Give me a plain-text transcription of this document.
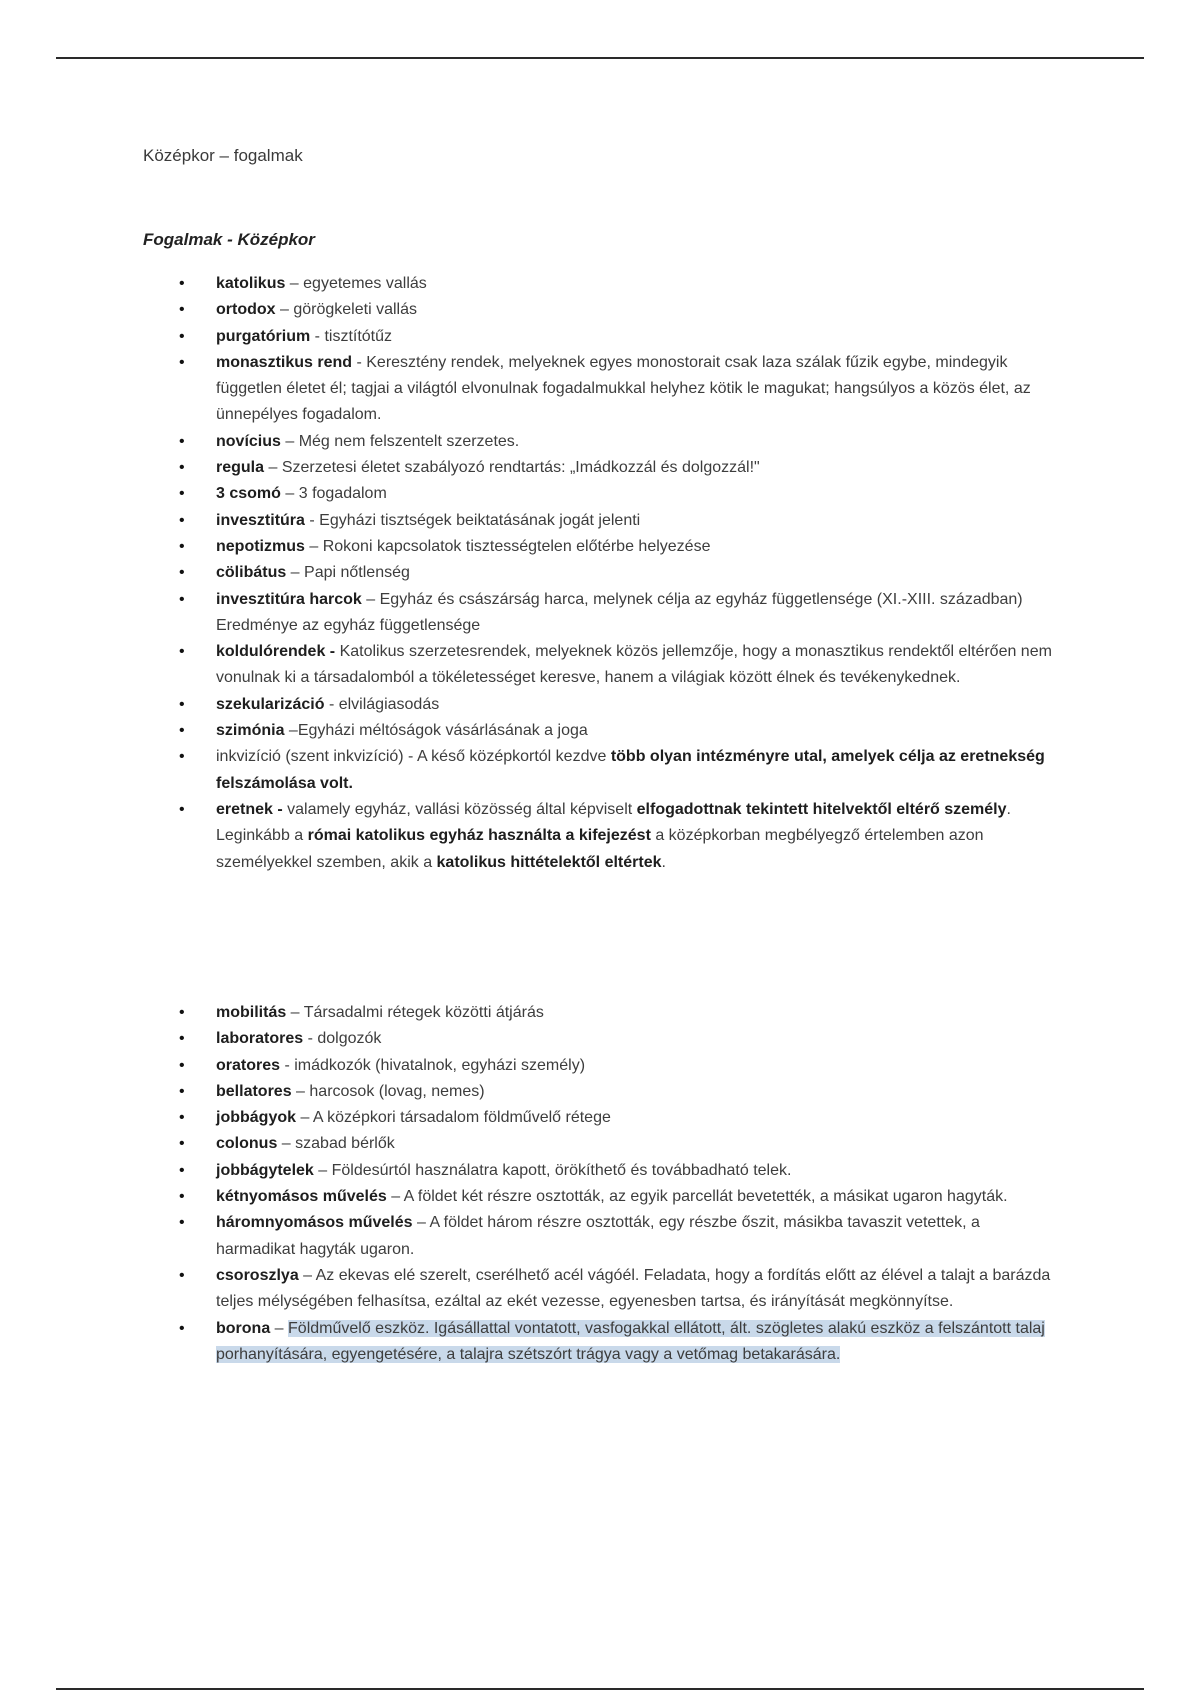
Középkor – fogalmak
Fogalmak - Középkor
• katolikus – egyetemes vallás
• ortodox – görögkeleti vallás
• purgatórium - tisztítótűz
• monasztikus rend - Keresztény rendek, melyeknek egyes monostorait csak laza szálak fűzik egybe, mindegyik független életet él; tagjai a világtól elvonulnak fogadalmukkal helyhez kötik le magukat; hangsúlyos a közös élet, az ünnepélyes fogadalom.
• novícius – Még nem felszentelt szerzetes.
• regula – Szerzetesi életet szabályozó rendtartás: „Imádkozzál és dolgozzál!"
• 3 csomó – 3 fogadalom
• invesztitúra - Egyházi tisztségek beiktatásának jogát jelenti
• nepotizmus – Rokoni kapcsolatok tisztességtelen előtérbe helyezése
• cölibátus – Papi nőtlenség
• invesztitúra harcok – Egyház és császárság harca, melynek célja az egyház függetlensége (XI.-XIII. században) Eredménye az egyház függetlensége
• koldulórendek - Katolikus szerzetesrendek, melyeknek közös jellemzője, hogy a monasztikus rendektől eltérően nem vonulnak ki a társadalomból a tökéletességet keresve, hanem a világiak között élnek és tevékenykednek.
• szekularizáció - elvilágiasodás
• szimónia –Egyházi méltóságok vásárlásának a joga
• inkvizíció (szent inkvizíció) - A késő középkortól kezdve több olyan intézményre utal, amelyek célja az eretnekség felszámolása volt.
• eretnek - valamely egyház, vallási közösség által képviselt elfogadottnak tekintett hitelvektől eltérő személy. Leginkább a római katolikus egyház használta a kifejezést a középkorban megbélyegző értelemben azon személyekkel szemben, akik a katolikus hittételektől eltértek.
• mobilitás – Társadalmi rétegek közötti átjárás
• laboratores - dolgozók
• oratores - imádkozók (hivatalnok, egyházi személy)
• bellatores – harcosok (lovag, nemes)
• jobbágyok – A középkori társadalom földművelő rétege
• colonus – szabad bérlők
• jobbágytelek – Földesúrtól használatra kapott, örökíthető és továbbadható telek.
• kétnyomásos művelés – A földet két részre osztották, az egyik parcellát bevetették, a másikat ugaron hagyták.
• háromnyomásos művelés – A földet három részre osztották, egy részbe őszit, másikba tavaszit vetettek, a harmadikat hagyták ugaron.
• csoroszlya – Az ekevas elé szerelt, cserélhető acél vágóél. Feladata, hogy a fordítás előtt az élével a talajt a barázda teljes mélységében felhasítsa, ezáltal az ekét vezesse, egyenesben tartsa, és irányítását megkönnyítse.
• borona – Földművelő eszköz. Igásállattal vontatott, vasfogakkal ellátott, ált. szögletes alakú eszköz a felszántott talaj porhanyítására, egyengetésére, a talajra szétszórt trágya vagy a vetőmag betakarására.
